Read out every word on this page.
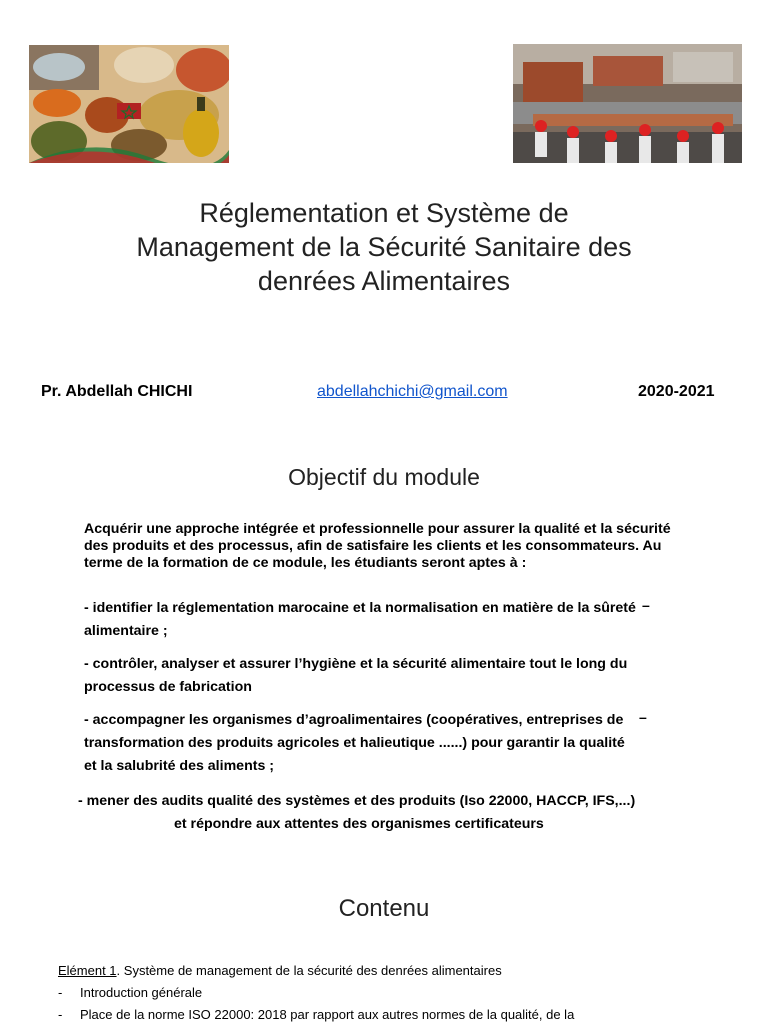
Réglementation et Système de
Management de la Sécurité Sanitaire des
denrées Alimentaires
Pr. Abdellah CHICHI	abdellahchichi@gmail.com	2020-2021
Objectif du module
Acquérir une approche intégrée et professionnelle pour assurer la qualité et la sécurité des produits et des processus, afin de satisfaire les clients et les consommateurs. Au terme de la formation de ce module, les étudiants seront aptes à :
- identifier la réglementation marocaine et la normalisation en matière de la sûreté alimentaire ;
–
- contrôler, analyser et assurer l’hygiène et la sécurité alimentaire tout le long du processus de fabrication
- accompagner les organismes d’agroalimentaires (coopératives, entreprises de transformation des produits agricoles et halieutique ......) pour garantir la qualité et la salubrité des aliments ;
–
- mener des audits qualité des systèmes et des produits (Iso 22000, HACCP, IFS,...)
et répondre aux attentes des organismes certificateurs
Contenu
Elément 1. Système de management de la sécurité des denrées alimentaires
- Introduction générale
- Place de la norme ISO 22000: 2018 par rapport aux autres normes de la qualité, de la
